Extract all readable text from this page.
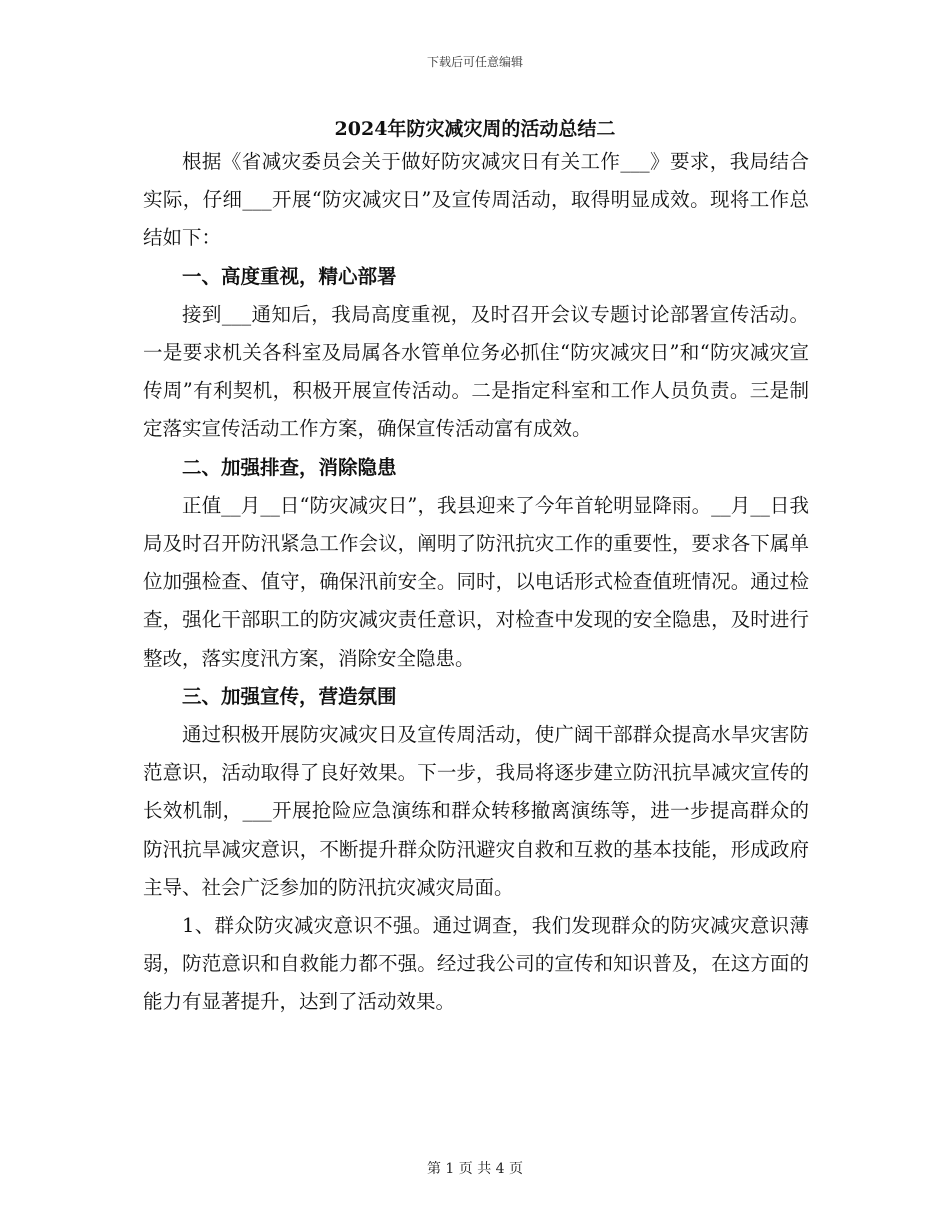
下载后可任意编辑
2024年防灾减灾周的活动总结二

根据《省减灾委员会关于做好防灾减灾日有关工作___》要求，我局结合实际，仔细___开展“防灾减灾日”及宣传周活动，取得明显成效。现将工作总结如下：

一、高度重视，精心部署

接到___通知后，我局高度重视，及时召开会议专题讨论部署宣传活动。一是要求机关各科室及局属各水管单位务必抓住“防灾减灾日”和“防灾减灾宣传周”有利契机，积极开展宣传活动。二是指定科室和工作人员负责。三是制定落实宣传活动工作方案，确保宣传活动富有成效。

二、加强排查，消除隐患

正值__月__日“防灾减灾日”，我县迎来了今年首轮明显降雨。__月__日我局及时召开防汛紧急工作会议，阐明了防汛抗灾工作的重要性，要求各下属单位加强检查、值守，确保汛前安全。同时，以电话形式检查值班情况。通过检查，强化干部职工的防灾减灾责任意识，对检查中发现的安全隐患，及时进行整改，落实度汛方案，消除安全隐患。

三、加强宣传，营造氛围

通过积极开展防灾减灾日及宣传周活动，使广阔干部群众提高水旱灾害防范意识，活动取得了良好效果。下一步，我局将逐步建立防汛抗旱减灾宣传的长效机制，___开展抢险应急演练和群众转移撤离演练等，进一步提高群众的防汛抗旱减灾意识，不断提升群众防汛避灾自救和互救的基本技能，形成政府主导、社会广泛参加的防汛抗灾减灾局面。

1、群众防灾减灾意识不强。通过调查，我们发现群众的防灾减灾意识薄弱，防范意识和自救能力都不强。经过我公司的宣传和知识普及，在这方面的能力有显著提升，达到了活动效果。

第 1 页 共 4 页
